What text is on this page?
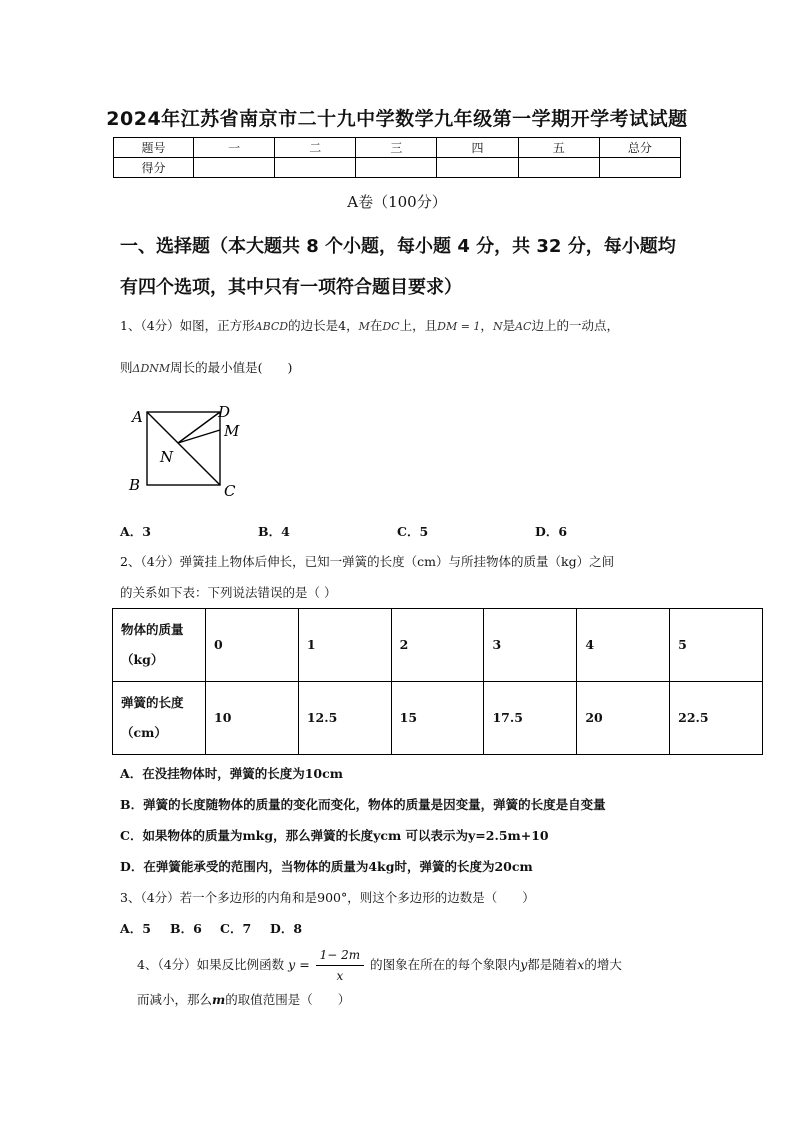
2024年江苏省南京市二十九中学数学九年级第一学期开学考试试题
题号	一	二	三	四	五	总分
得分						
A卷（100分）
一、选择题（本大题共 8 个小题，每小题 4 分，共 32 分，每小题均
有四个选项，其中只有一项符合题目要求）
1、（4分）如图，正方形ABCD的边长是4，M在DC上，且DM = 1，N是AC边上的一动点，
则ΔDNM周长的最小值是(　　)
A	D
M
N
B	C
A．3	B．4	C．5	D．6
2、（4分）弹簧挂上物体后伸长，已知一弹簧的长度（cm）与所挂物体的质量（kg）之间
的关系如下表：下列说法错误的是（ ）
物体的质量
（kg）	0	1	2	3	4	5

弹簧的长度
（cm）	10	12.5	15	17.5	20	22.5
A．在没挂物体时，弹簧的长度为10cm
B．弹簧的长度随物体的质量的变化而变化，物体的质量是因变量，弹簧的长度是自变量
C．如果物体的质量为mkg，那么弹簧的长度ycm 可以表示为y=2.5m+10
D．在弹簧能承受的范围内，当物体的质量为4kg时，弹簧的长度为20cm
3、（4分）若一个多边形的内角和是900°，则这个多边形的边数是（　　）
A．5 B．6 C．7 D．8
4、（4分）如果反比例函数 $y = \frac{1- 2m}{x}$ 的图象在所在的每个象限内y都是随着x的增大
而减小，那么m的取值范围是（　　）
